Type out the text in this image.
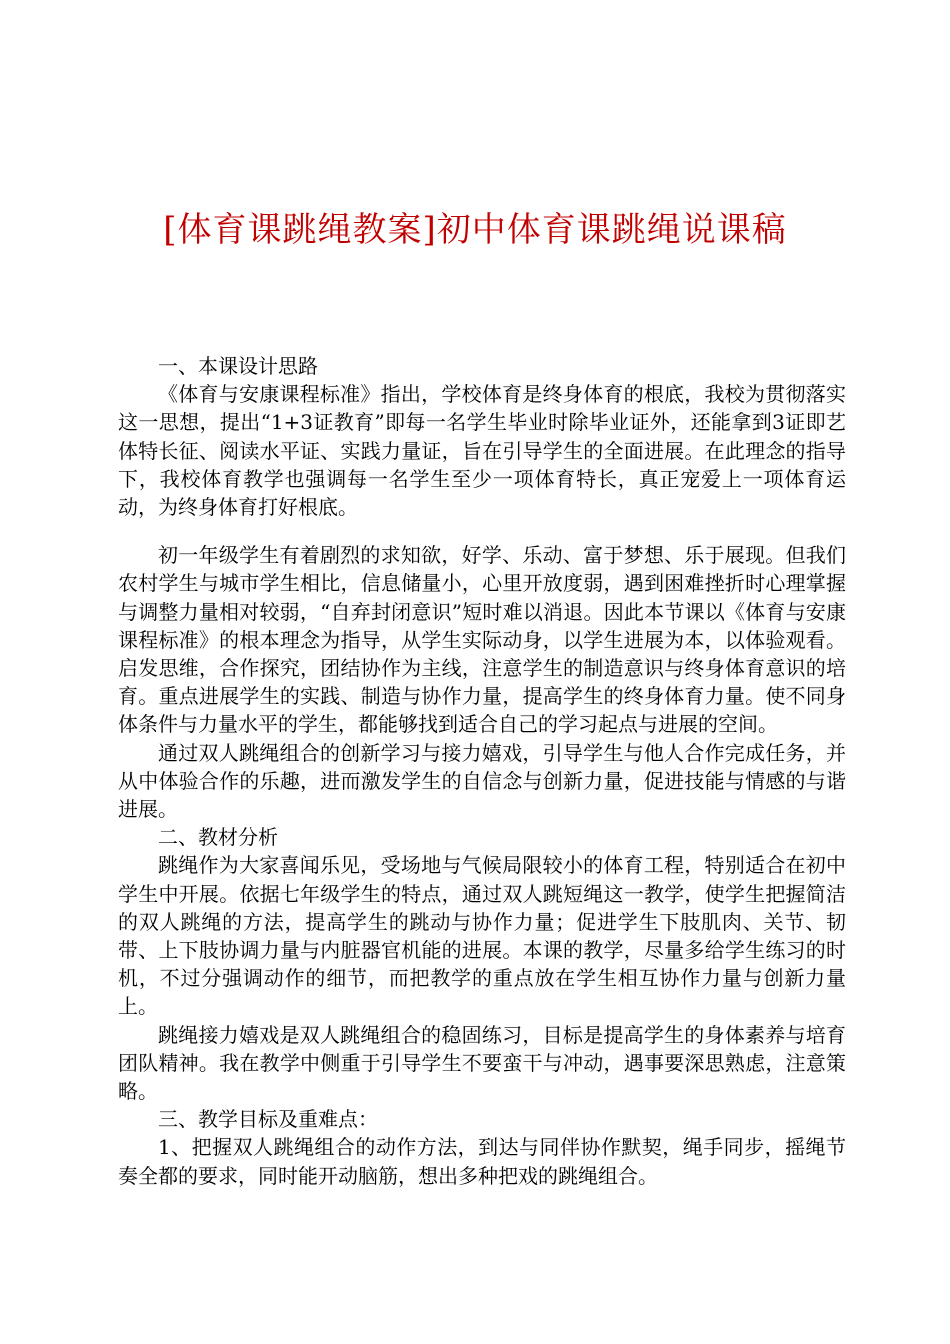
[体育课跳绳教案]初中体育课跳绳说课稿

一、本课设计思路

《体育与安康课程标准》指出，学校体育是终身体育的根底，我校为贯彻落实这一思想，提出“1+3证教育”即每一名学生毕业时除毕业证外，还能拿到3证即艺体特长征、阅读水平证、实践力量证，旨在引导学生的全面进展。在此理念的指导下，我校体育教学也强调每一名学生至少一项体育特长，真正宠爱上一项体育运动，为终身体育打好根底。

初一年级学生有着剧烈的求知欲，好学、乐动、富于梦想、乐于展现。但我们农村学生与城市学生相比，信息储量小，心里开放度弱，遇到困难挫折时心理掌握与调整力量相对较弱，“自弃封闭意识”短时难以消退。因此本节课以《体育与安康课程标准》的根本理念为指导，从学生实际动身，以学生进展为本，以体验观看。启发思维，合作探究，团结协作为主线，注意学生的制造意识与终身体育意识的培育。重点进展学生的实践、制造与协作力量，提高学生的终身体育力量。使不同身体条件与力量水平的学生，都能够找到适合自己的学习起点与进展的空间。

通过双人跳绳组合的创新学习与接力嬉戏，引导学生与他人合作完成任务，并从中体验合作的乐趣，进而激发学生的自信念与创新力量，促进技能与情感的与谐进展。

二、教材分析

跳绳作为大家喜闻乐见，受场地与气候局限较小的体育工程，特别适合在初中学生中开展。依据七年级学生的特点，通过双人跳短绳这一教学，使学生把握简洁的双人跳绳的方法，提高学生的跳动与协作力量；促进学生下肢肌肉、关节、韧带、上下肢协调力量与内脏器官机能的进展。本课的教学，尽量多给学生练习的时机，不过分强调动作的细节，而把教学的重点放在学生相互协作力量与创新力量上。

跳绳接力嬉戏是双人跳绳组合的稳固练习，目标是提高学生的身体素养与培育团队精神。我在教学中侧重于引导学生不要蛮干与冲动，遇事要深思熟虑，注意策略。

三、教学目标及重难点：

1、把握双人跳绳组合的动作方法，到达与同伴协作默契，绳手同步，摇绳节奏全都的要求，同时能开动脑筋，想出多种把戏的跳绳组合。
